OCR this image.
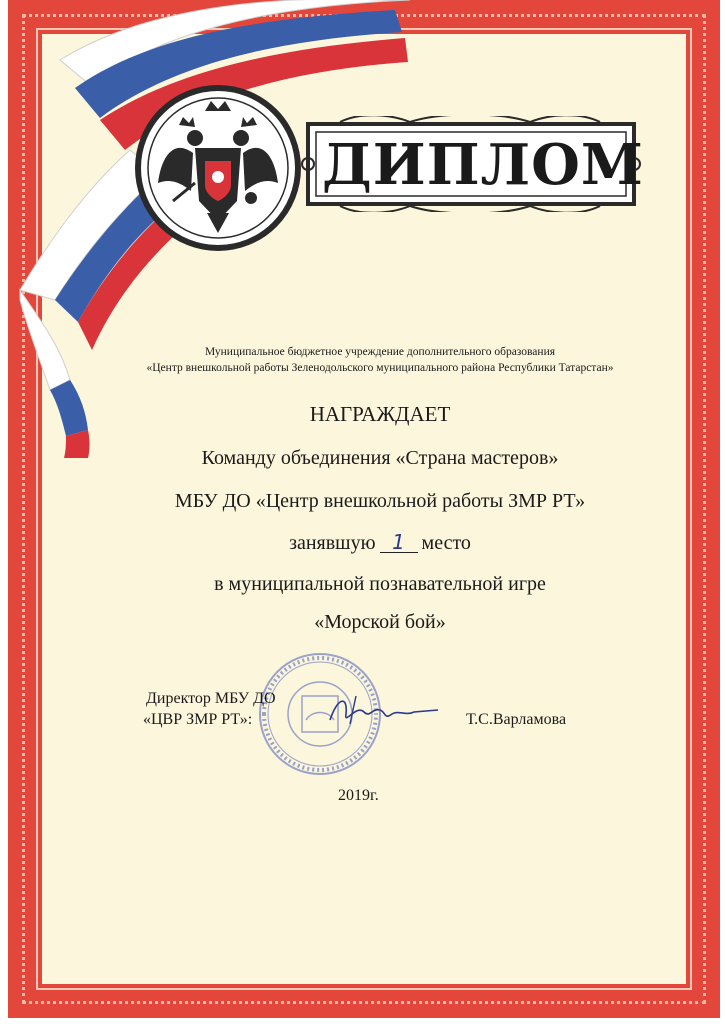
ДИПЛОМ
Муниципальное бюджетное учреждение дополнительного образования
«Центр внешкольной работы Зеленодольского муниципального района Республики Татарстан»
НАГРАЖДАЕТ
Команду объединения «Страна мастеров»
МБУ ДО «Центр внешкольной работы ЗМР РТ»
занявшую 1 место
в муниципальной познавательной игре
«Морской бой»
Директор МБУ ДО
«ЦВР ЗМР РТ»:	Т.С.Варламова
2019г.
